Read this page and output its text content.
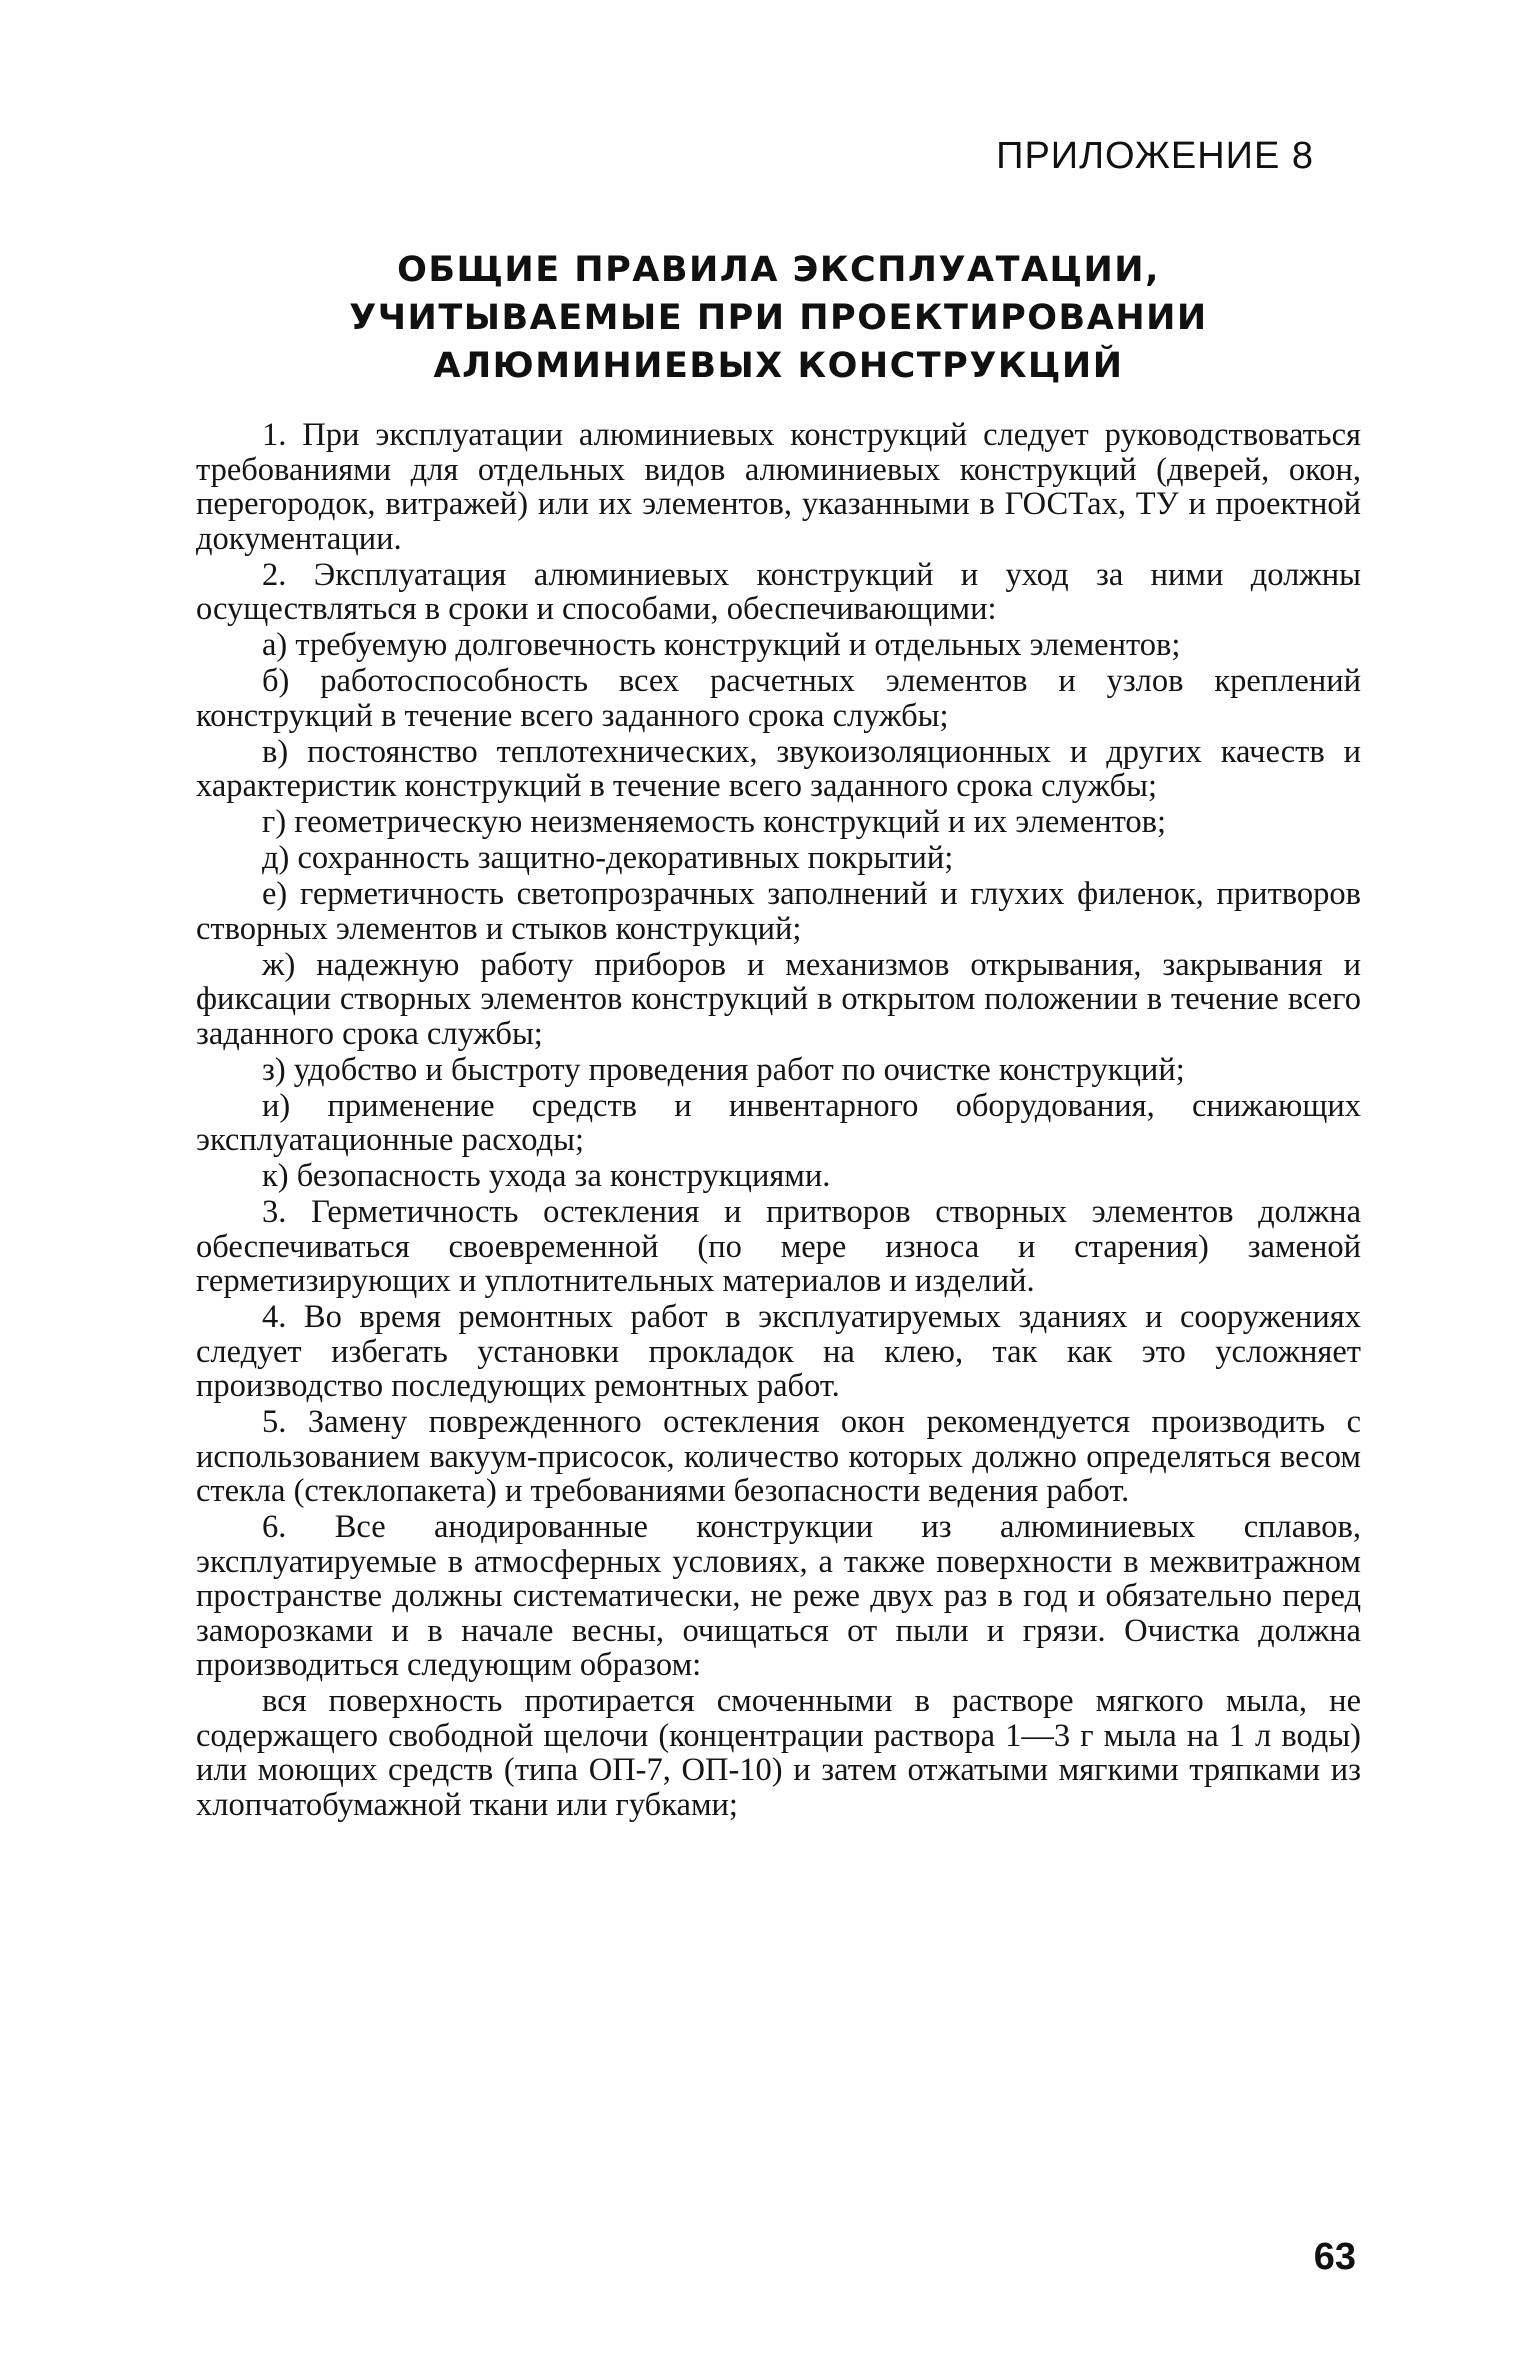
ПРИЛОЖЕНИЕ 8
ОБЩИЕ ПРАВИЛА ЭКСПЛУАТАЦИИ,
УЧИТЫВАЕМЫЕ ПРИ ПРОЕКТИРОВАНИИ
АЛЮМИНИЕВЫХ КОНСТРУКЦИЙ

1. При эксплуатации алюминиевых конструкций следует руководствоваться требованиями для отдельных видов алюминиевых конструкций (дверей, окон, перегородок, витражей) или их элементов, указанными в ГОСТах, ТУ и проектной документации.

2. Эксплуатация алюминиевых конструкций и уход за ними должны осуществляться в сроки и способами, обеспечивающими:

а) требуемую долговечность конструкций и отдельных элементов;

б) работоспособность всех расчетных элементов и узлов креплений конструкций в течение всего заданного срока службы;

в) постоянство теплотехнических, звукоизоляционных и других качеств и характеристик конструкций в течение всего заданного срока службы;

г) геометрическую неизменяемость конструкций и их элементов;

д) сохранность защитно-декоративных покрытий;

е) герметичность светопрозрачных заполнений и глухих филенок, притворов створных элементов и стыков конструкций;

ж) надежную работу приборов и механизмов открывания, закрывания и фиксации створных элементов конструкций в открытом положении в течение всего заданного срока службы;

з) удобство и быстроту проведения работ по очистке конструкций;

и) применение средств и инвентарного оборудования, снижающих эксплуатационные расходы;

к) безопасность ухода за конструкциями.

3. Герметичность остекления и притворов створных элементов должна обеспечиваться своевременной (по мере износа и старения) заменой герметизирующих и уплотнительных материалов и изделий.

4. Во время ремонтных работ в эксплуатируемых зданиях и сооружениях следует избегать установки прокладок на клею, так как это усложняет производство последующих ремонтных работ.

5. Замену поврежденного остекления окон рекомендуется производить с использованием вакуум-присосок, количество которых должно определяться весом стекла (стеклопакета) и требованиями безопасности ведения работ.

6. Все анодированные конструкции из алюминиевых сплавов, эксплуатируемые в атмосферных условиях, а также поверхности в межвитражном пространстве должны систематически, не реже двух раз в год и обязательно перед заморозками и в начале весны, очищаться от пыли и грязи. Очистка должна производиться следующим образом:

вся поверхность протирается смоченными в растворе мягкого мыла, не содержащего свободной щелочи (концентрации раствора 1—3 г мыла на 1 л воды) или моющих средств (типа ОП-7, ОП-10) и затем отжатыми мягкими тряпками из хлопчатобумажной ткани или губками;

63
